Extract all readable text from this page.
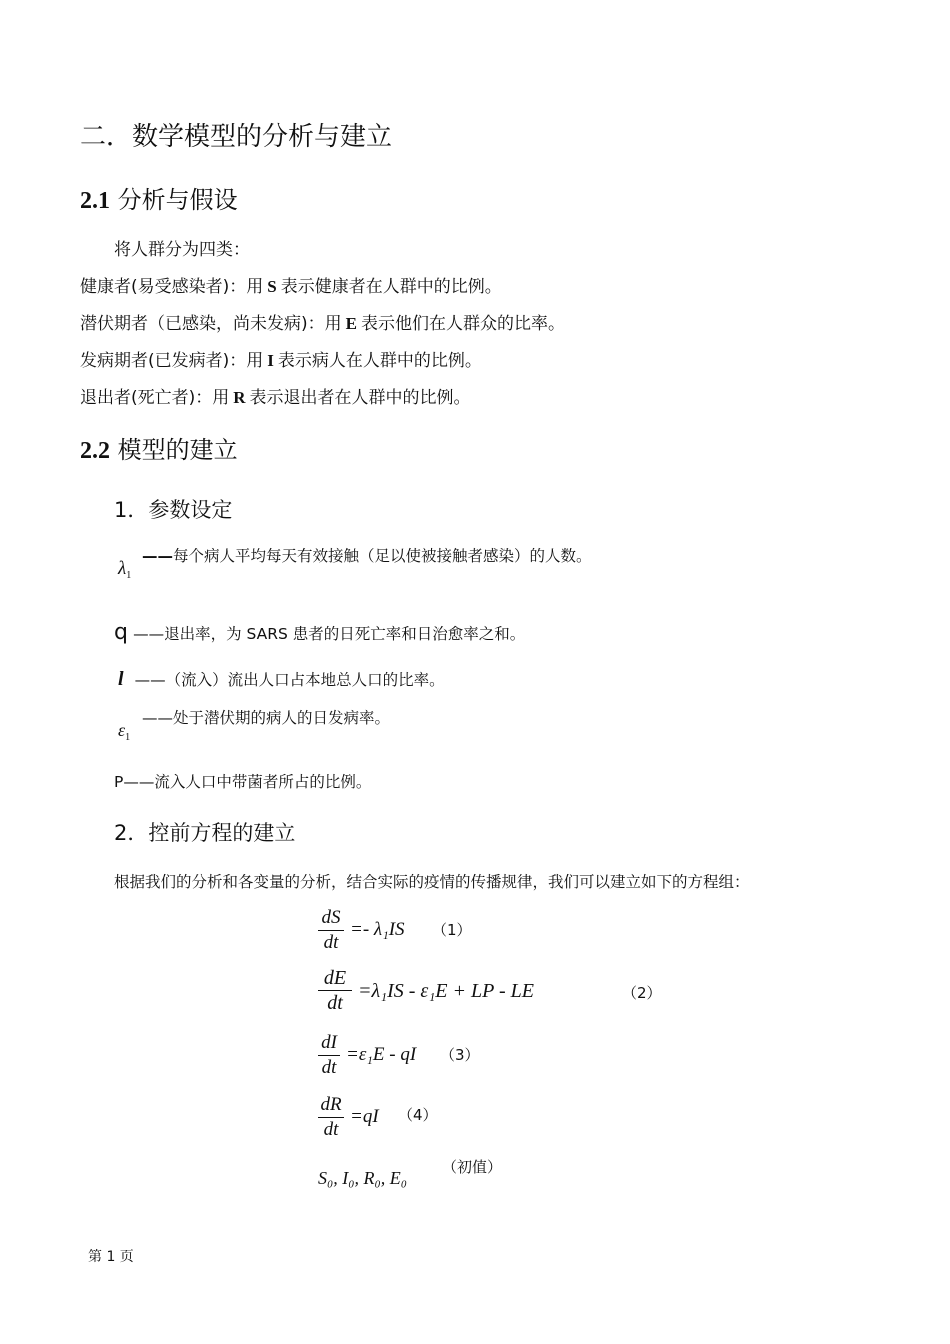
二．数学模型的分析与建立
2.1 分析与假设
将人群分为四类：
健康者(易受感染者)：用 S 表示健康者在人群中的比例。
潜伏期者（已感染，尚未发病)：用 E 表示他们在人群众的比率。
发病期者(已发病者)：用 I 表示病人在人群中的比例。
退出者(死亡者)：用 R 表示退出者在人群中的比例。
2.2 模型的建立
1．参数设定
$\lambda_1$
——每个病人平均每天有效接触（足以使被接触者感染）的人数。
q ——退出率，为 SARS 患者的日死亡率和日治愈率之和。
l ——（流入）流出人口占本地总人口的比率。
$\varepsilon_1$
——处于潜伏期的病人的日发病率。
P——流入人口中带菌者所占的比例。
2．控前方程的建立
根据我们的分析和各变量的分析，结合实际的疫情的传播规律，我们可以建立如下的方程组：
dS
dt
=- λ₁IS （1）
dE
dt
=λ₁IS - ε₁E + LP - LE	（2）
dI
dt
=ε₁E - qI （3）
dR
dt
=qI （4）
S₀, I₀, R₀, E₀
（初值）
第 1 页
